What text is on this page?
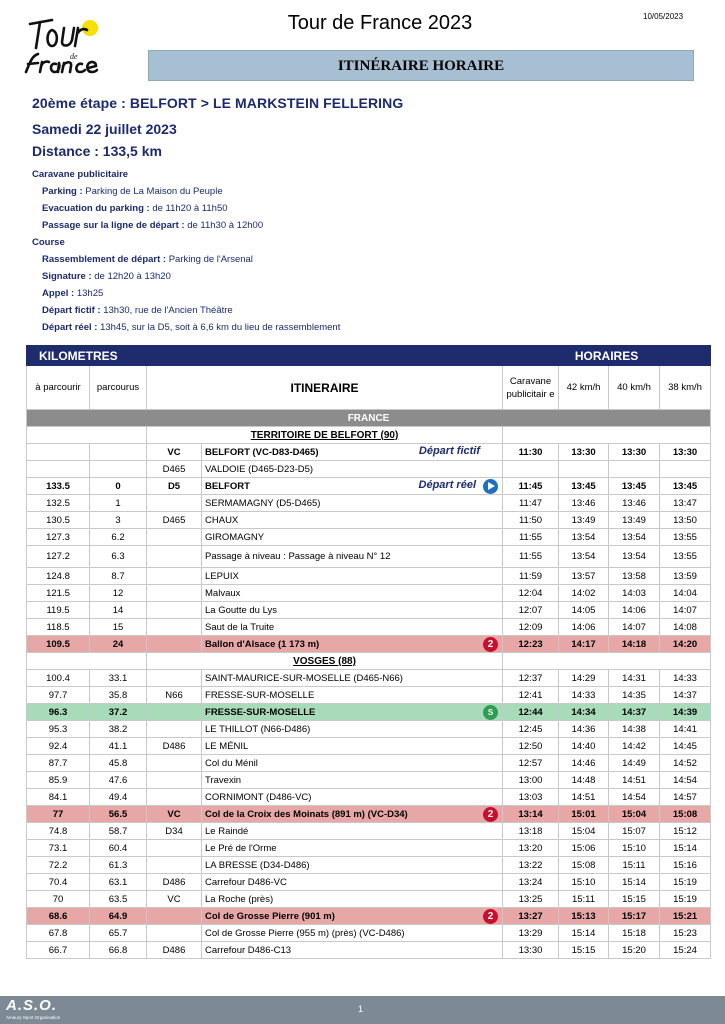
de
Tour de France 2023	10/05/2023
ITINÉRAIRE HORAIRE
20ème étape : BELFORT > LE MARKSTEIN FELLERING
Samedi 22 juillet 2023
Distance : 133,5 km
Caravane publicitaire
Parking : Parking de La Maison du Peuple
Evacuation du parking : de 11h20 à 11h50
Passage sur la ligne de départ : de 11h30 à 12h00
Course
Rassemblement de départ : Parking de l'Arsenal
Signature : de 12h20 à 13h20
Appel : 13h25
Départ fictif : 13h30, rue de l'Ancien Théâtre
Départ réel : 13h45, sur la D5, soit à 6,6 km du lieu de rassemblement
KILOMETRES				HORAIRES			
à parcourir	parcourus	ITINERAIRE		Caravane publicitair e	42 km/h	40 km/h	38 km/h
FRANCE							
		TERRITOIRE DE BELFORT (90)					
		VC	BELFORT (VC-D83-D465) Départ fictif	11:30	13:30	13:30	13:30
		D465	VALDOIE (D465-D23-D5)				
133.5	0	D5	BELFORT Départ réel	11:45	13:45	13:45	13:45
132.5	1		SERMAMAGNY (D5-D465)	11:47	13:46	13:46	13:47
130.5	3	D465	CHAUX	11:50	13:49	13:49	13:50
127.3	6.2		GIROMAGNY	11:55	13:54	13:54	13:55
127.2	6.3		Passage à niveau : Passage à niveau N° 12	11:55	13:54	13:54	13:55
124.8	8.7		LEPUIX	11:59	13:57	13:58	13:59
121.5	12		Malvaux	12:04	14:02	14:03	14:04
119.5	14		La Goutte du Lys	12:07	14:05	14:06	14:07
118.5	15		Saut de la Truite	12:09	14:06	14:07	14:08
109.5	24		Ballon d'Alsace (1 173 m) 2	12:23	14:17	14:18	14:20
		VOSGES (88)					
100.4	33.1		SAINT-MAURICE-SUR-MOSELLE (D465-N66)	12:37	14:29	14:31	14:33
97.7	35.8	N66	FRESSE-SUR-MOSELLE	12:41	14:33	14:35	14:37
96.3	37.2		FRESSE-SUR-MOSELLE S	12:44	14:34	14:37	14:39
95.3	38.2		LE THILLOT (N66-D486)	12:45	14:36	14:38	14:41
92.4	41.1	D486	LE MÉNIL	12:50	14:40	14:42	14:45
87.7	45.8		Col du Ménil	12:57	14:46	14:49	14:52
85.9	47.6		Travexin	13:00	14:48	14:51	14:54
84.1	49.4		CORNIMONT (D486-VC)	13:03	14:51	14:54	14:57
77	56.5	VC	Col de la Croix des Moinats (891 m) (VC-D34) 2	13:14	15:01	15:04	15:08
74.8	58.7	D34	Le Raindé	13:18	15:04	15:07	15:12
73.1	60.4		Le Pré de l'Orme	13:20	15:06	15:10	15:14
72.2	61.3		LA BRESSE (D34-D486)	13:22	15:08	15:11	15:16
70.4	63.1	D486	Carrefour D486-VC	13:24	15:10	15:14	15:19
70	63.5	VC	La Roche (près)	13:25	15:11	15:15	15:19
68.6	64.9		Col de Grosse Pierre (901 m) 2	13:27	15:13	15:17	15:21
67.8	65.7		Col de Grosse Pierre (955 m) (près) (VC-D486)	13:29	15:14	15:18	15:23
66.7	66.8	D486	Carrefour D486-C13	13:30	15:15	15:20	15:24
A.S.O.
Amaury Sport Organisation
1
